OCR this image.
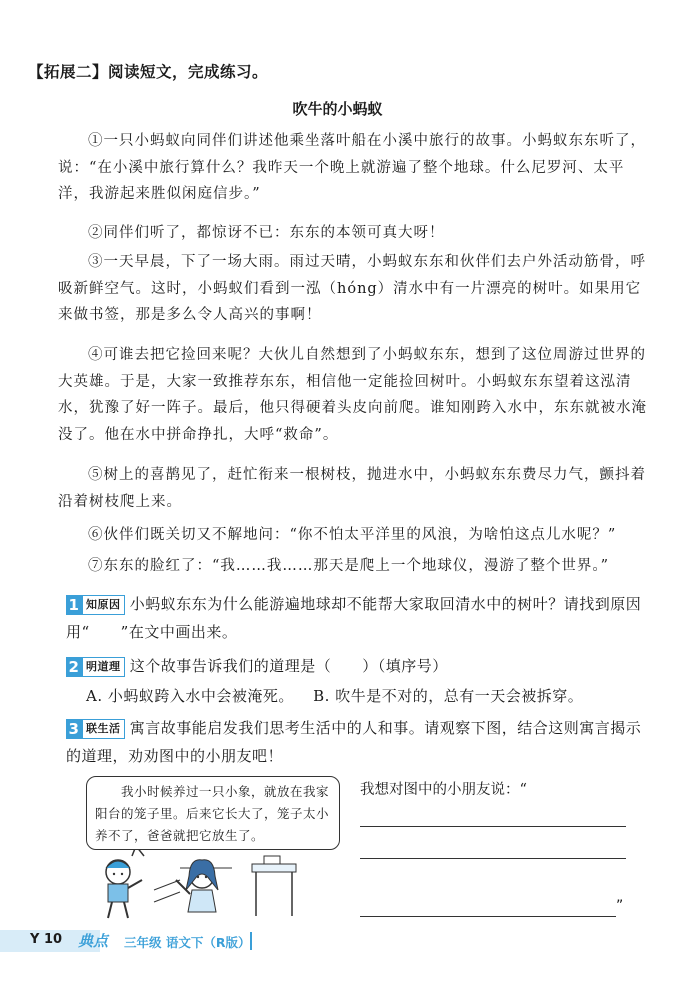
【拓展二】阅读短文，完成练习。
吹牛的小蚂蚁

①一只小蚂蚁向同伴们讲述他乘坐落叶船在小溪中旅行的故事。小蚂蚁东东听了，说：“在小溪中旅行算什么？我昨天一个晚上就游遍了整个地球。什么尼罗河、太平洋，我游起来胜似闲庭信步。”

②同伴们听了，都惊讶不已：东东的本领可真大呀！

③一天早晨，下了一场大雨。雨过天晴，小蚂蚁东东和伙伴们去户外活动筋骨，呼吸新鲜空气。这时，小蚂蚁们看到一泓（hóng）清水中有一片漂亮的树叶。如果用它来做书签，那是多么令人高兴的事啊！

④可谁去把它捡回来呢？大伙儿自然想到了小蚂蚁东东，想到了这位周游过世界的大英雄。于是，大家一致推荐东东，相信他一定能捡回树叶。小蚂蚁东东望着这泓清水，犹豫了好一阵子。最后，他只得硬着头皮向前爬。谁知刚跨入水中，东东就被水淹没了。他在水中拼命挣扎，大呼“救命”。

⑤树上的喜鹊见了，赶忙衔来一根树枝，抛进水中，小蚂蚁东东费尽力气，颤抖着沿着树枝爬上来。

⑥伙伴们既关切又不解地问：“你不怕太平洋里的风浪，为啥怕这点儿水呢？”

⑦东东的脸红了：“我……我……那天是爬上一个地球仪，漫游了整个世界。”

1 知原因 小蚂蚁东东为什么能游遍地球却不能帮大家取回清水中的树叶？请找到原因用“　　”在文中画出来。
2 明道理 这个故事告诉我们的道理是（　　）（填序号）
A. 小蚂蚁跨入水中会被淹死。 B. 吹牛是不对的，总有一天会被拆穿。
3 联生活 寓言故事能启发我们思考生活中的人和事。请观察下图，结合这则寓言揭示的道理，劝劝图中的小朋友吧！
我小时候养过一只小象，就放在我家阳台的笼子里。后来它长大了，笼子太小养不了，爸爸就把它放生了。
我想对图中的小朋友说：“
”
Y 10 典点 三年级 语文下（R版）
